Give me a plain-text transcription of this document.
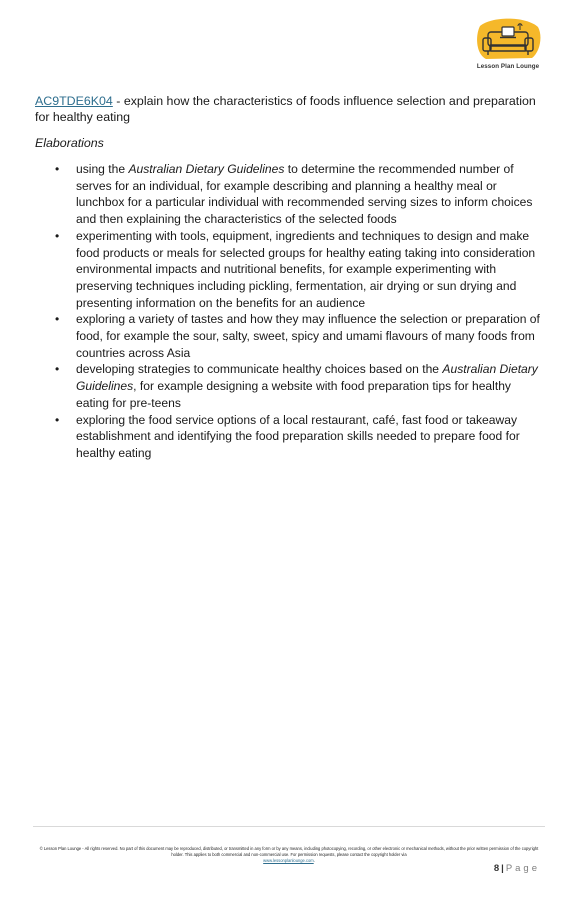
Lesson Plan Lounge
AC9TDE6K04 - explain how the characteristics of foods influence selection and preparation for healthy eating
Elaborations
• using the Australian Dietary Guidelines to determine the recommended number of serves for an individual, for example describing and planning a healthy meal or lunchbox for a particular individual with recommended serving sizes to inform choices and then explaining the characteristics of the selected foods
• experimenting with tools, equipment, ingredients and techniques to design and make food products or meals for selected groups for healthy eating taking into consideration environmental impacts and nutritional benefits, for example experimenting with preserving techniques including pickling, fermentation, air drying or sun drying and presenting information on the benefits for an audience
• exploring a variety of tastes and how they may influence the selection or preparation of food, for example the sour, salty, sweet, spicy and umami flavours of many foods from countries across Asia
• developing strategies to communicate healthy choices based on the Australian Dietary Guidelines, for example designing a website with food preparation tips for healthy eating for pre-teens
• exploring the food service options of a local restaurant, café, fast food or takeaway establishment and identifying the food preparation skills needed to prepare food for healthy eating
© Lesson Plan Lounge - All rights reserved. No part of this document may be reproduced, distributed, or transmitted in any form or by any means, including photocopying, recording, or other electronic or mechanical methods, without the prior written permission of the copyright holder. This applies to both commercial and non-commercial use. For permission requests, please contact the copyright holder via
www.lessonplanlounge.com.
8 | Page
